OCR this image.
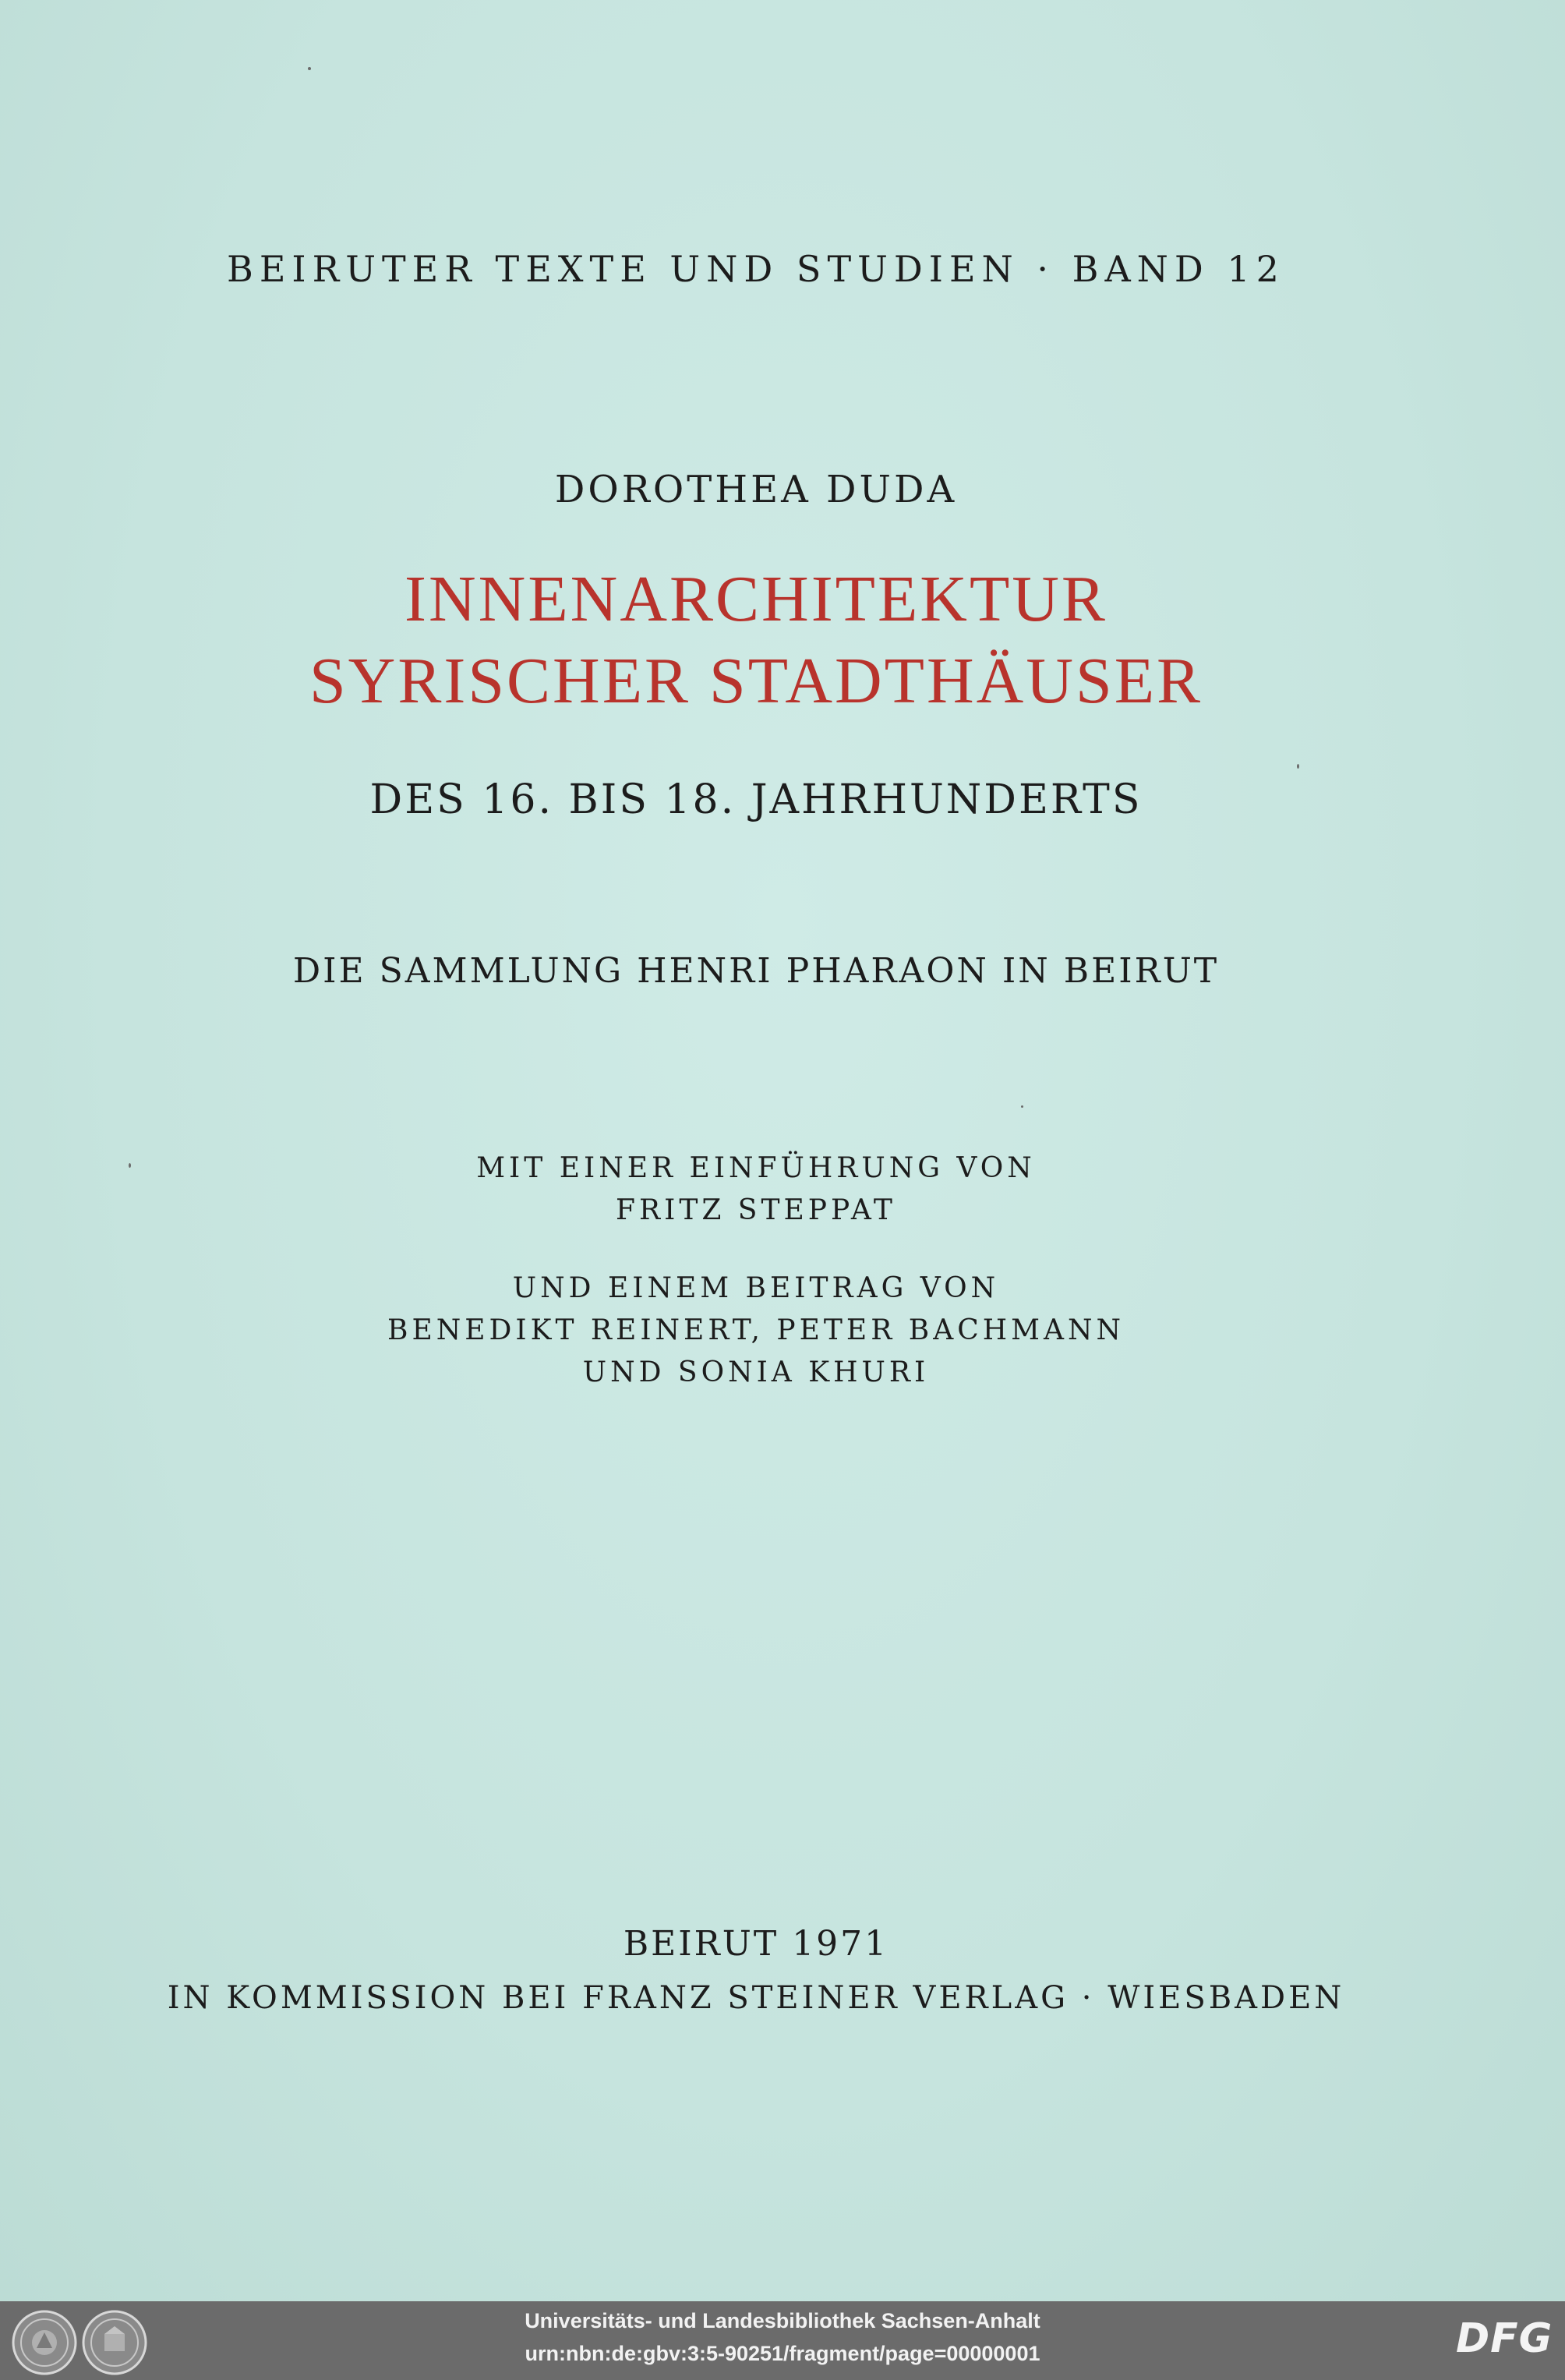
BEIRUTER TEXTE UND STUDIEN · BAND 12
DOROTHEA DUDA
INNENARCHITEKTUR
SYRISCHER STADTHÄUSER
DES 16. BIS 18. JAHRHUNDERTS
DIE SAMMLUNG HENRI PHARAON IN BEIRUT
MIT EINER EINFÜHRUNG VON
FRITZ STEPPAT
UND EINEM BEITRAG VON
BENEDIKT REINERT, PETER BACHMANN
UND SONIA KHURI
BEIRUT 1971
IN KOMMISSION BEI FRANZ STEINER VERLAG · WIESBADEN
Universitäts- und Landesbibliothek Sachsen-Anhalt
urn:nbn:de:gbv:3:5-90251/fragment/page=00000001	DFG
